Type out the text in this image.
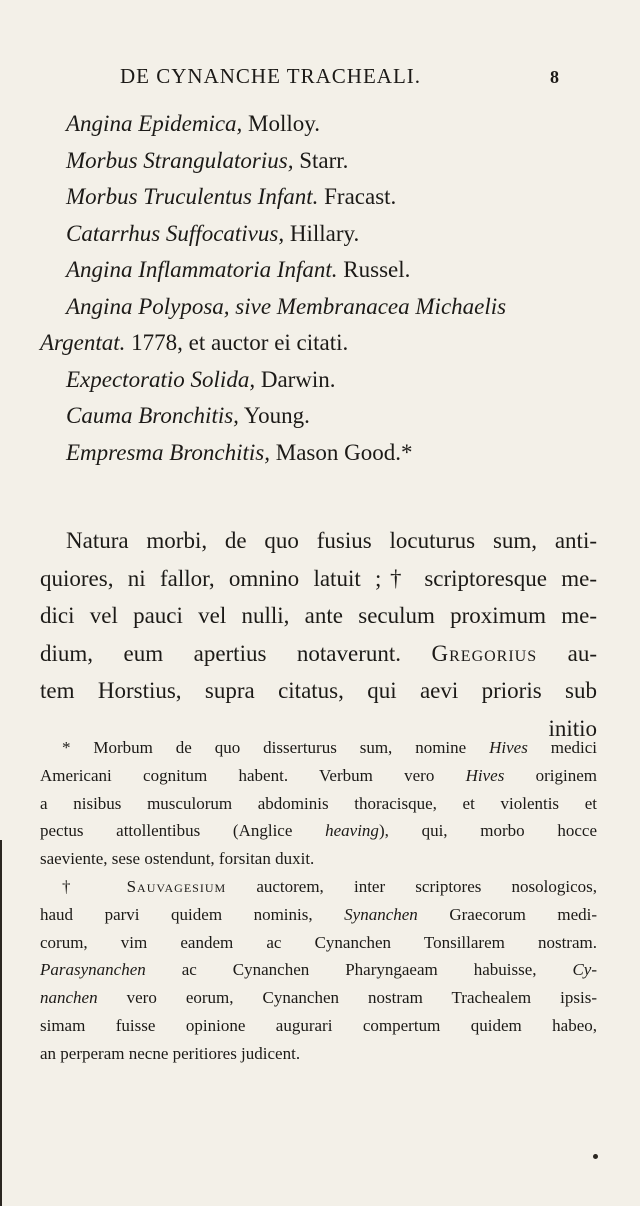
DE CYNANCHE TRACHEALI.	8
Angina Epidemica, Molloy.
Morbus Strangulatorius, Starr.
Morbus Truculentus Infant. Fracast.
Catarrhus Suffocativus, Hillary.
Angina Inflammatoria Infant. Russel.
Angina Polyposa, sive Membranacea Michaelis
Argentat. 1778, et auctor ei citati.
Expectoratio Solida, Darwin.
Cauma Bronchitis, Young.
Empresma Bronchitis, Mason Good.*
Natura morbi, de quo fusius locuturus sum, anti-
quiores, ni fallor, omnino latuit ;† scriptoresque me-
dici vel pauci vel nulli, ante seculum proximum me-
dium, eum apertius notaverunt. Gregorius au-
tem Horstius, supra citatus, qui aevi prioris sub
initio
* Morbum de quo disserturus sum, nomine Hives medici
Americani cognitum habent. Verbum vero Hives originem
a nisibus musculorum abdominis thoracisque, et violentis et
pectus attollentibus (Anglice heaving), qui, morbo hocce
saeviente, sese ostendunt, forsitan duxit.
† Sauvagesium auctorem, inter scriptores nosologicos,
haud parvi quidem nominis, Synanchen Graecorum medi-
corum, vim eandem ac Cynanchen Tonsillarem nostram.
Parasynanchen ac Cynanchen Pharyngaeam habuisse, Cy-
nanchen vero eorum, Cynanchen nostram Trachealem ipsis-
simam fuisse opinione augurari compertum quidem habeo,
an perperam necne peritiores judicent.
